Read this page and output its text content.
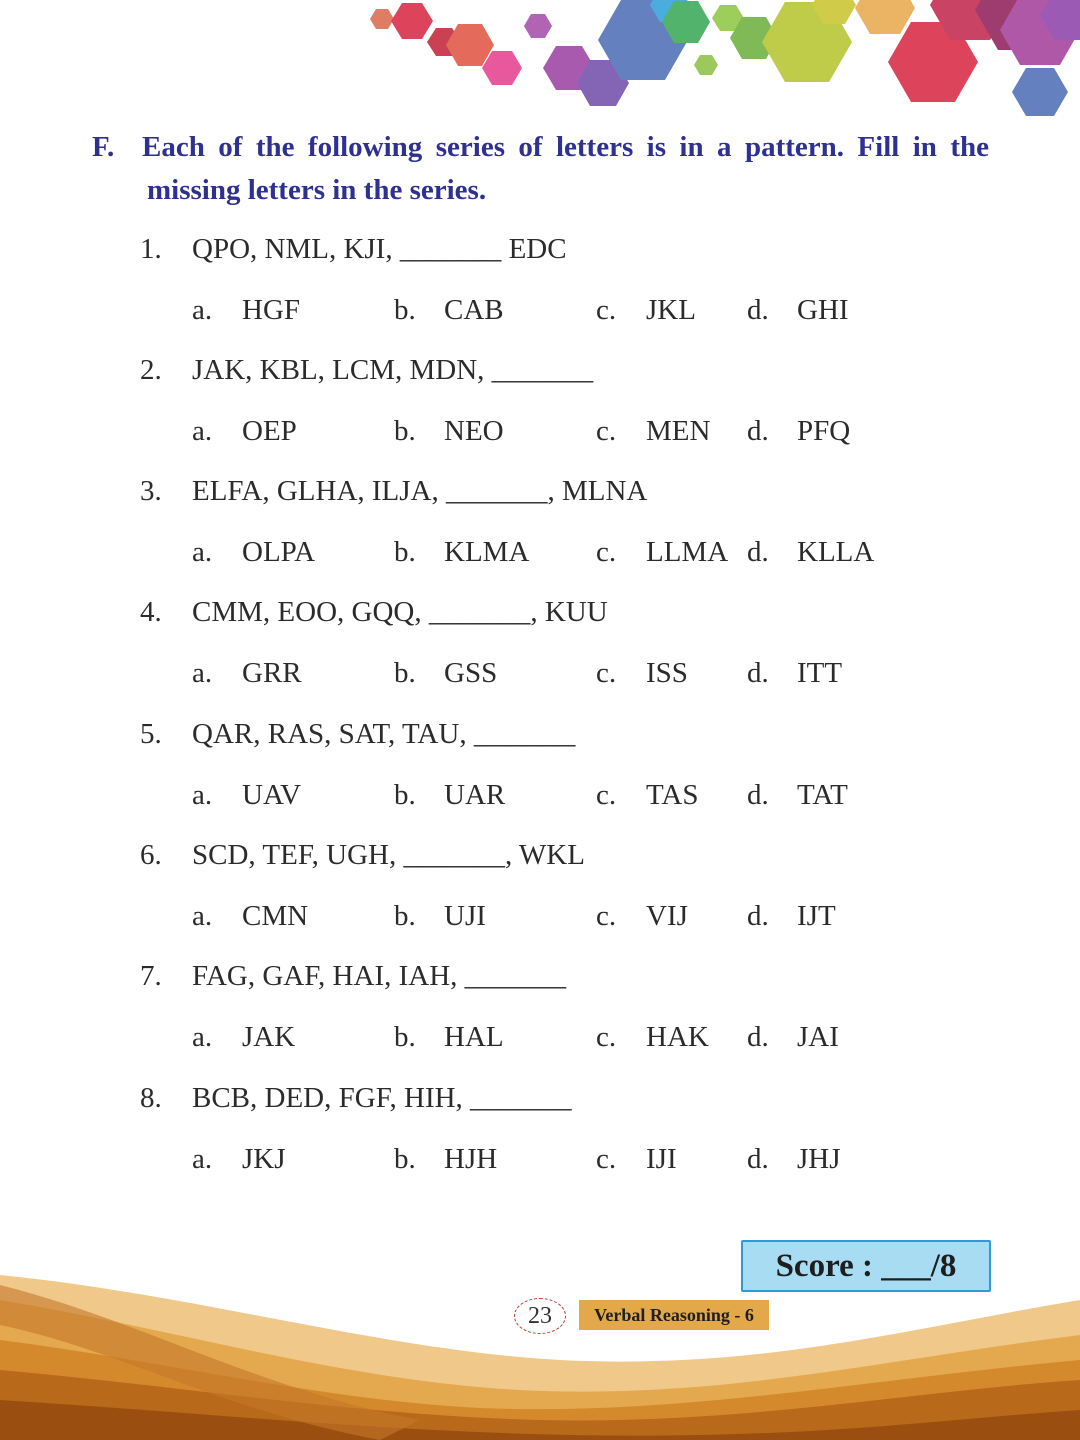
F. Each of the following series of letters is in a pattern. Fill in the
missing letters in the series.
1. QPO, NML, KJI, _______ EDC
a. HGF	b. CAB	c. JKL d. GHI
2. JAK, KBL, LCM, MDN, _______
a. OEP	b. NEO	c. MEN d. PFQ
3. ELFA, GLHA, ILJA, _______, MLNA
a. OLPA	b. KLMA c. LLMA d. KLLA
4. CMM, EOO, GQQ, _______, KUU
a. GRR	b. GSS	c. ISS d. ITT
5. QAR, RAS, SAT, TAU, _______
a. UAV	b. UAR	c. TAS d. TAT
6. SCD, TEF, UGH, _______, WKL
a. CMN	b. UJI	c. VIJ d. IJT
7. FAG, GAF, HAI, IAH, _______
a. JAK	b. HAL	c. HAK d. JAI
8. BCB, DED, FGF, HIH, _______
a. JKJ	b. HJH	c. IJI d. JHJ
Score : ___/8
23	Verbal Reasoning - 6
